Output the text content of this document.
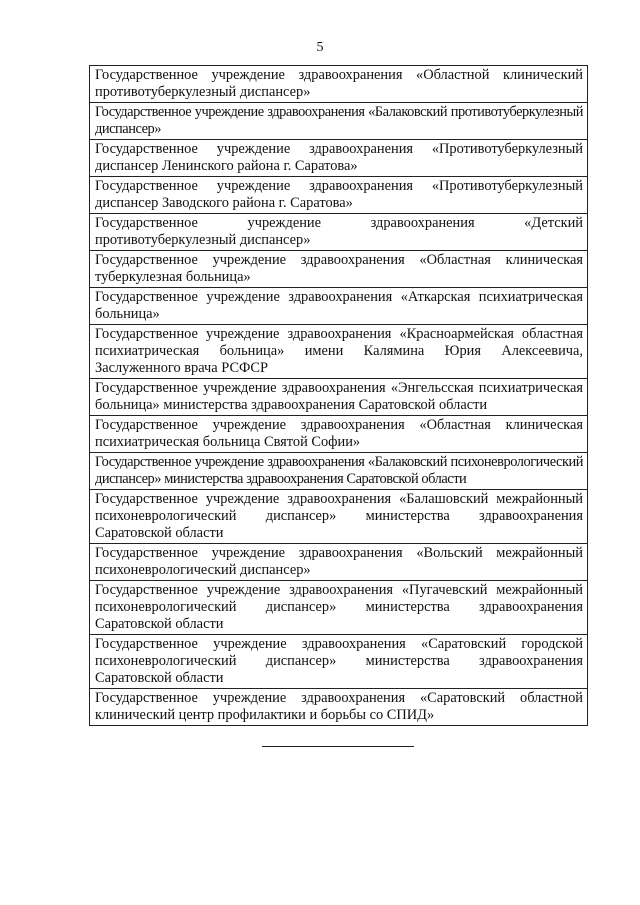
5
Государственное учреждение здравоохранения «Областной клинический противотуберкулезный диспансер»
Государственное учреждение здравоохранения «Балаковский противотуберкулезный диспансер»
Государственное учреждение здравоохранения «Противотуберкулезный диспансер Ленинского района г. Саратова»
Государственное учреждение здравоохранения «Противотуберкулезный диспансер Заводского района г. Саратова»
Государственное учреждение здравоохранения «Детский противотуберкулезный диспансер»
Государственное учреждение здравоохранения «Областная клиническая туберкулезная больница»
Государственное учреждение здравоохранения «Аткарская психиатрическая больница»
Государственное учреждение здравоохранения «Красноармейская областная психиатрическая больница» имени Калямина Юрия Алексеевича, Заслуженного врача РСФСР
Государственное учреждение здравоохранения «Энгельсская психиатрическая больница» министерства здравоохранения Саратовской области
Государственное учреждение здравоохранения «Областная клиническая психиатрическая больница Святой Софии»
Государственное учреждение здравоохранения «Балаковский психоневрологический диспансер» министерства здравоохранения Саратовской области
Государственное учреждение здравоохранения «Балашовский межрайонный психоневрологический диспансер» министерства здравоохранения Саратовской области
Государственное учреждение здравоохранения «Вольский межрайонный психоневрологический диспансер»
Государственное учреждение здравоохранения «Пугачевский межрайонный психоневрологический диспансер» министерства здравоохранения Саратовской области
Государственное учреждение здравоохранения «Саратовский городской психоневрологический диспансер» министерства здравоохранения Саратовской области
Государственное учреждение здравоохранения «Саратовский областной клинический центр профилактики и борьбы со СПИД»
